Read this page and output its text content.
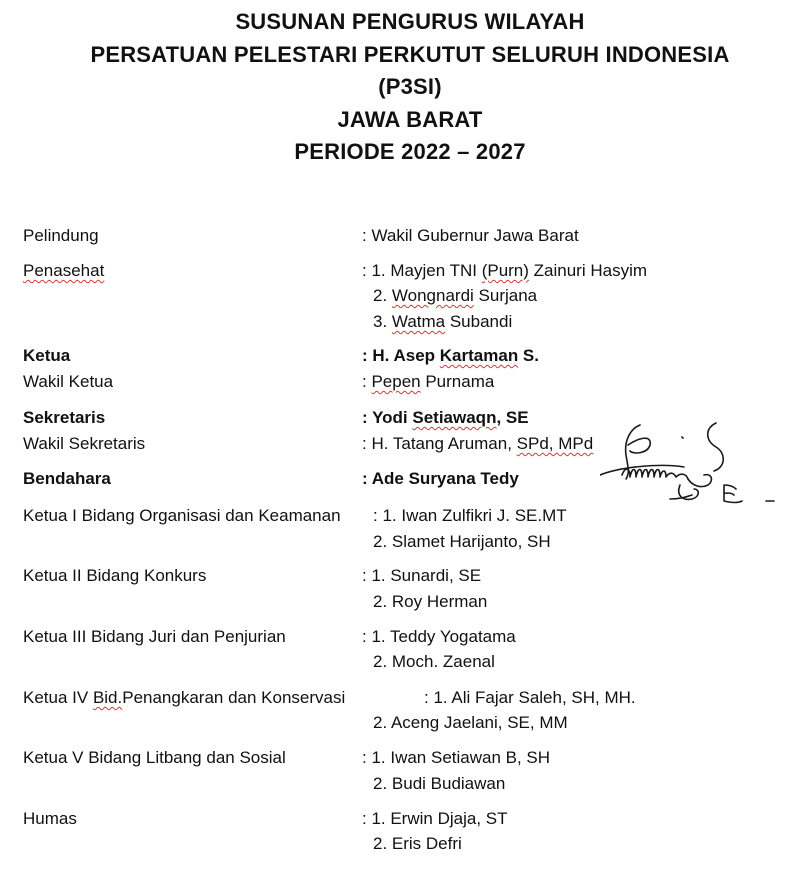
SUSUNAN PENGURUS WILAYAH
PERSATUAN PELESTARI PERKUTUT SELURUH INDONESIA
(P3SI)
JAWA BARAT
PERIODE 2022 – 2027
Pelindung	: Wakil Gubernur Jawa Barat
Penasehat	: 1. Mayjen TNI (Purn) Zainuri Hasyim
2. Wongnardi Surjana
3. Watma Subandi
Ketua	: H. Asep Kartaman S.
Wakil Ketua	: Pepen Purnama
Sekretaris	: Yodi Setiawaqn, SE
Wakil Sekretaris	: H. Tatang Aruman, SPd, MPd
Bendahara	: Ade Suryana Tedy
Ketua I Bidang Organisasi dan Keamanan : 1. Iwan Zulfikri J. SE.MT
2. Slamet Harijanto, SH
Ketua II Bidang Konkurs	: 1. Sunardi, SE
2. Roy Herman
Ketua III Bidang Juri dan Penjurian	: 1. Teddy Yogatama
2. Moch. Zaenal
Ketua IV Bid.Penangkaran dan Konservasi	: 1. Ali Fajar Saleh, SH, MH.
2. Aceng Jaelani, SE, MM
Ketua V Bidang Litbang dan Sosial	: 1. Iwan Setiawan B, SH
2. Budi Budiawan
Humas	: 1. Erwin Djaja, ST
2. Eris Defri
